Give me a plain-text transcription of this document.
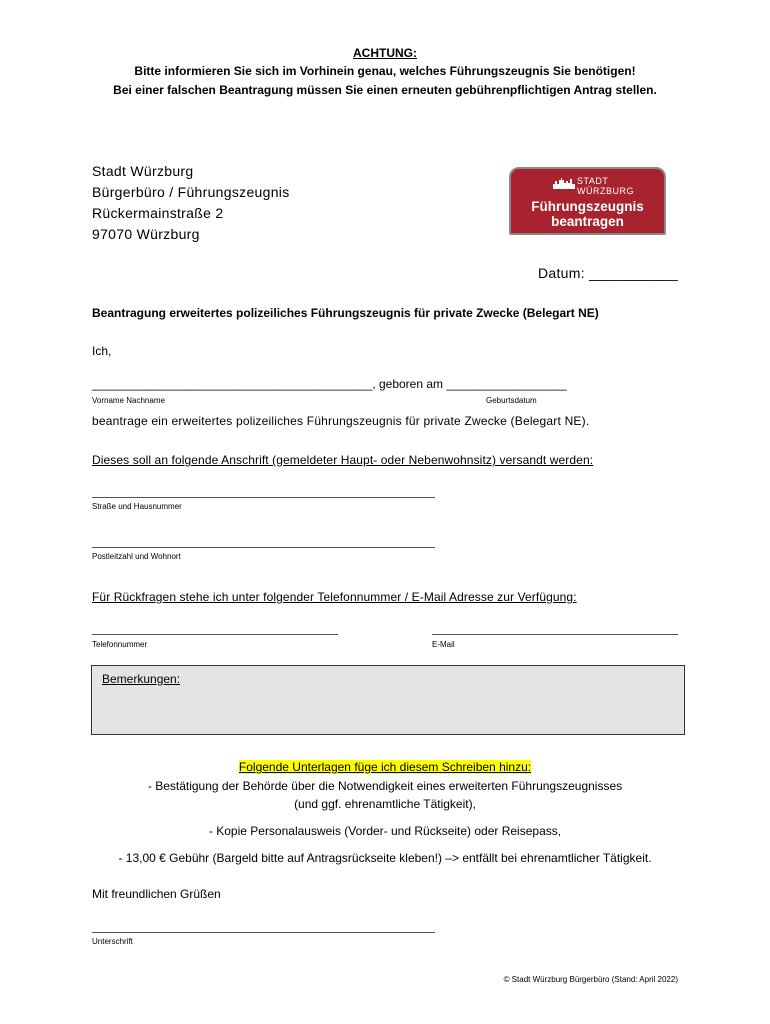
ACHTUNG:
Bitte informieren Sie sich im Vorhinein genau, welches Führungszeugnis Sie benötigen!
Bei einer falschen Beantragung müssen Sie einen erneuten gebührenpflichtigen Antrag stellen.
Stadt Würzburg
Bürgerbüro / Führungszeugnis
Rückermainstraße 2
97070 Würzburg
STADT
WÜRZBURG
Führungszeugnis
beantragen
Datum: ___________
Beantragung erweitertes polizeiliches Führungszeugnis für private Zwecke (Belegart NE)
Ich,
__________________________________________, geboren am __________________
Vorname Nachname	Geburtsdatum
beantrage ein erweitertes polizeiliches Führungszeugnis für private Zwecke (Belegart NE).
Dieses soll an folgende Anschrift (gemeldeter Haupt- oder Nebenwohnsitz) versandt werden:
Straße und Hausnummer
Postleitzahl und Wohnort
Für Rückfragen stehe ich unter folgender Telefonnummer / E-Mail Adresse zur Verfügung:
Telefonnummer	E-Mail
Bemerkungen:
Folgende Unterlagen füge ich diesem Schreiben hinzu:
- Bestätigung der Behörde über die Notwendigkeit eines erweiterten Führungszeugnisses
(und ggf. ehrenamtliche Tätigkeit),
- Kopie Personalausweis (Vorder- und Rückseite) oder Reisepass,
- 13,00 € Gebühr (Bargeld bitte auf Antragsrückseite kleben!) –> entfällt bei ehrenamtlicher Tätigkeit.
Mit freundlichen Grüßen
Unterschrift
© Stadt Würzburg Bürgerbüro (Stand: April 2022)
